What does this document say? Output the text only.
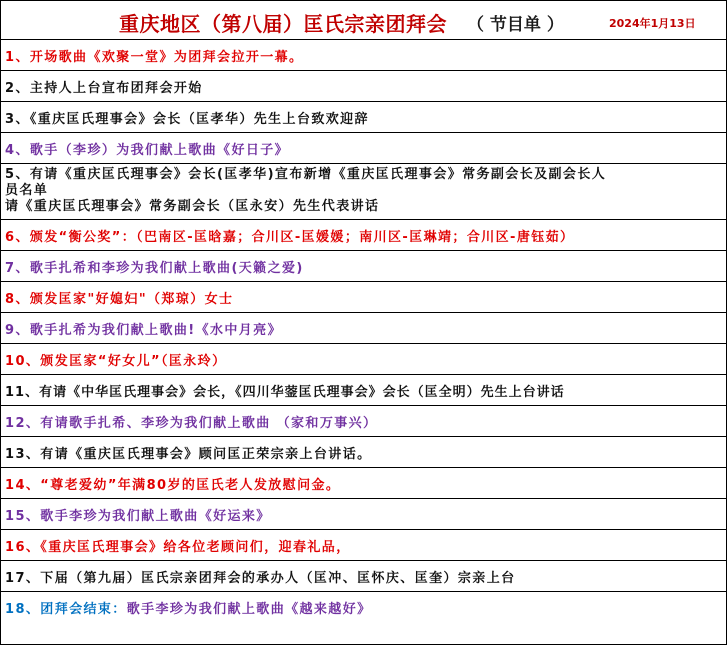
重庆地区（第八届）匡氏宗亲团拜会 （ 节目单 ）	2024年1月13日
1、开场歌曲《欢聚一堂》为团拜会拉开一幕。
2、主持人上台宣布团拜会开始
3、《重庆匡氏理事会》会长（匡孝华）先生上台致欢迎辞
4、歌手（李珍）为我们献上歌曲《好日子》
5、有请《重庆匡氏理事会》会长(匡孝华)宣布新增《重庆匡氏理事会》常务副会长及副会长人
员名单
请《重庆匡氏理事会》常务副会长（匡永安）先生代表讲话
6、颁发“衡公奖”：（巴南区-匡晗嘉；合川区-匡媛媛；南川区-匡琳靖；合川区-唐钰茹）
7、歌手扎希和李珍为我们献上歌曲(天籁之爱)
8、颁发匡家"好媳妇"（郑琼）女士
9、歌手扎希为我们献上歌曲!《水中月亮》
10、颁发匡家“好女儿”（匡永玲）
11、有请《中华匡氏理事会》会长，《四川华蓥匡氏理事会》会长（匡全明）先生上台讲话
12、有请歌手扎希、李珍为我们献上歌曲 （家和万事兴）
13、有请《重庆匡氏理事会》顾问匡正荣宗亲上台讲话。
14、“尊老爱幼”年满80岁的匡氏老人发放慰问金。
15、歌手李珍为我们献上歌曲《好运来》
16、《重庆匡氏理事会》给各位老顾问们，迎春礼品，
17、下届（第九届）匡氏宗亲团拜会的承办人（匡冲、匡怀庆、匡奎）宗亲上台
18、团拜会结束： 歌手李珍为我们献上歌曲《越来越好》
